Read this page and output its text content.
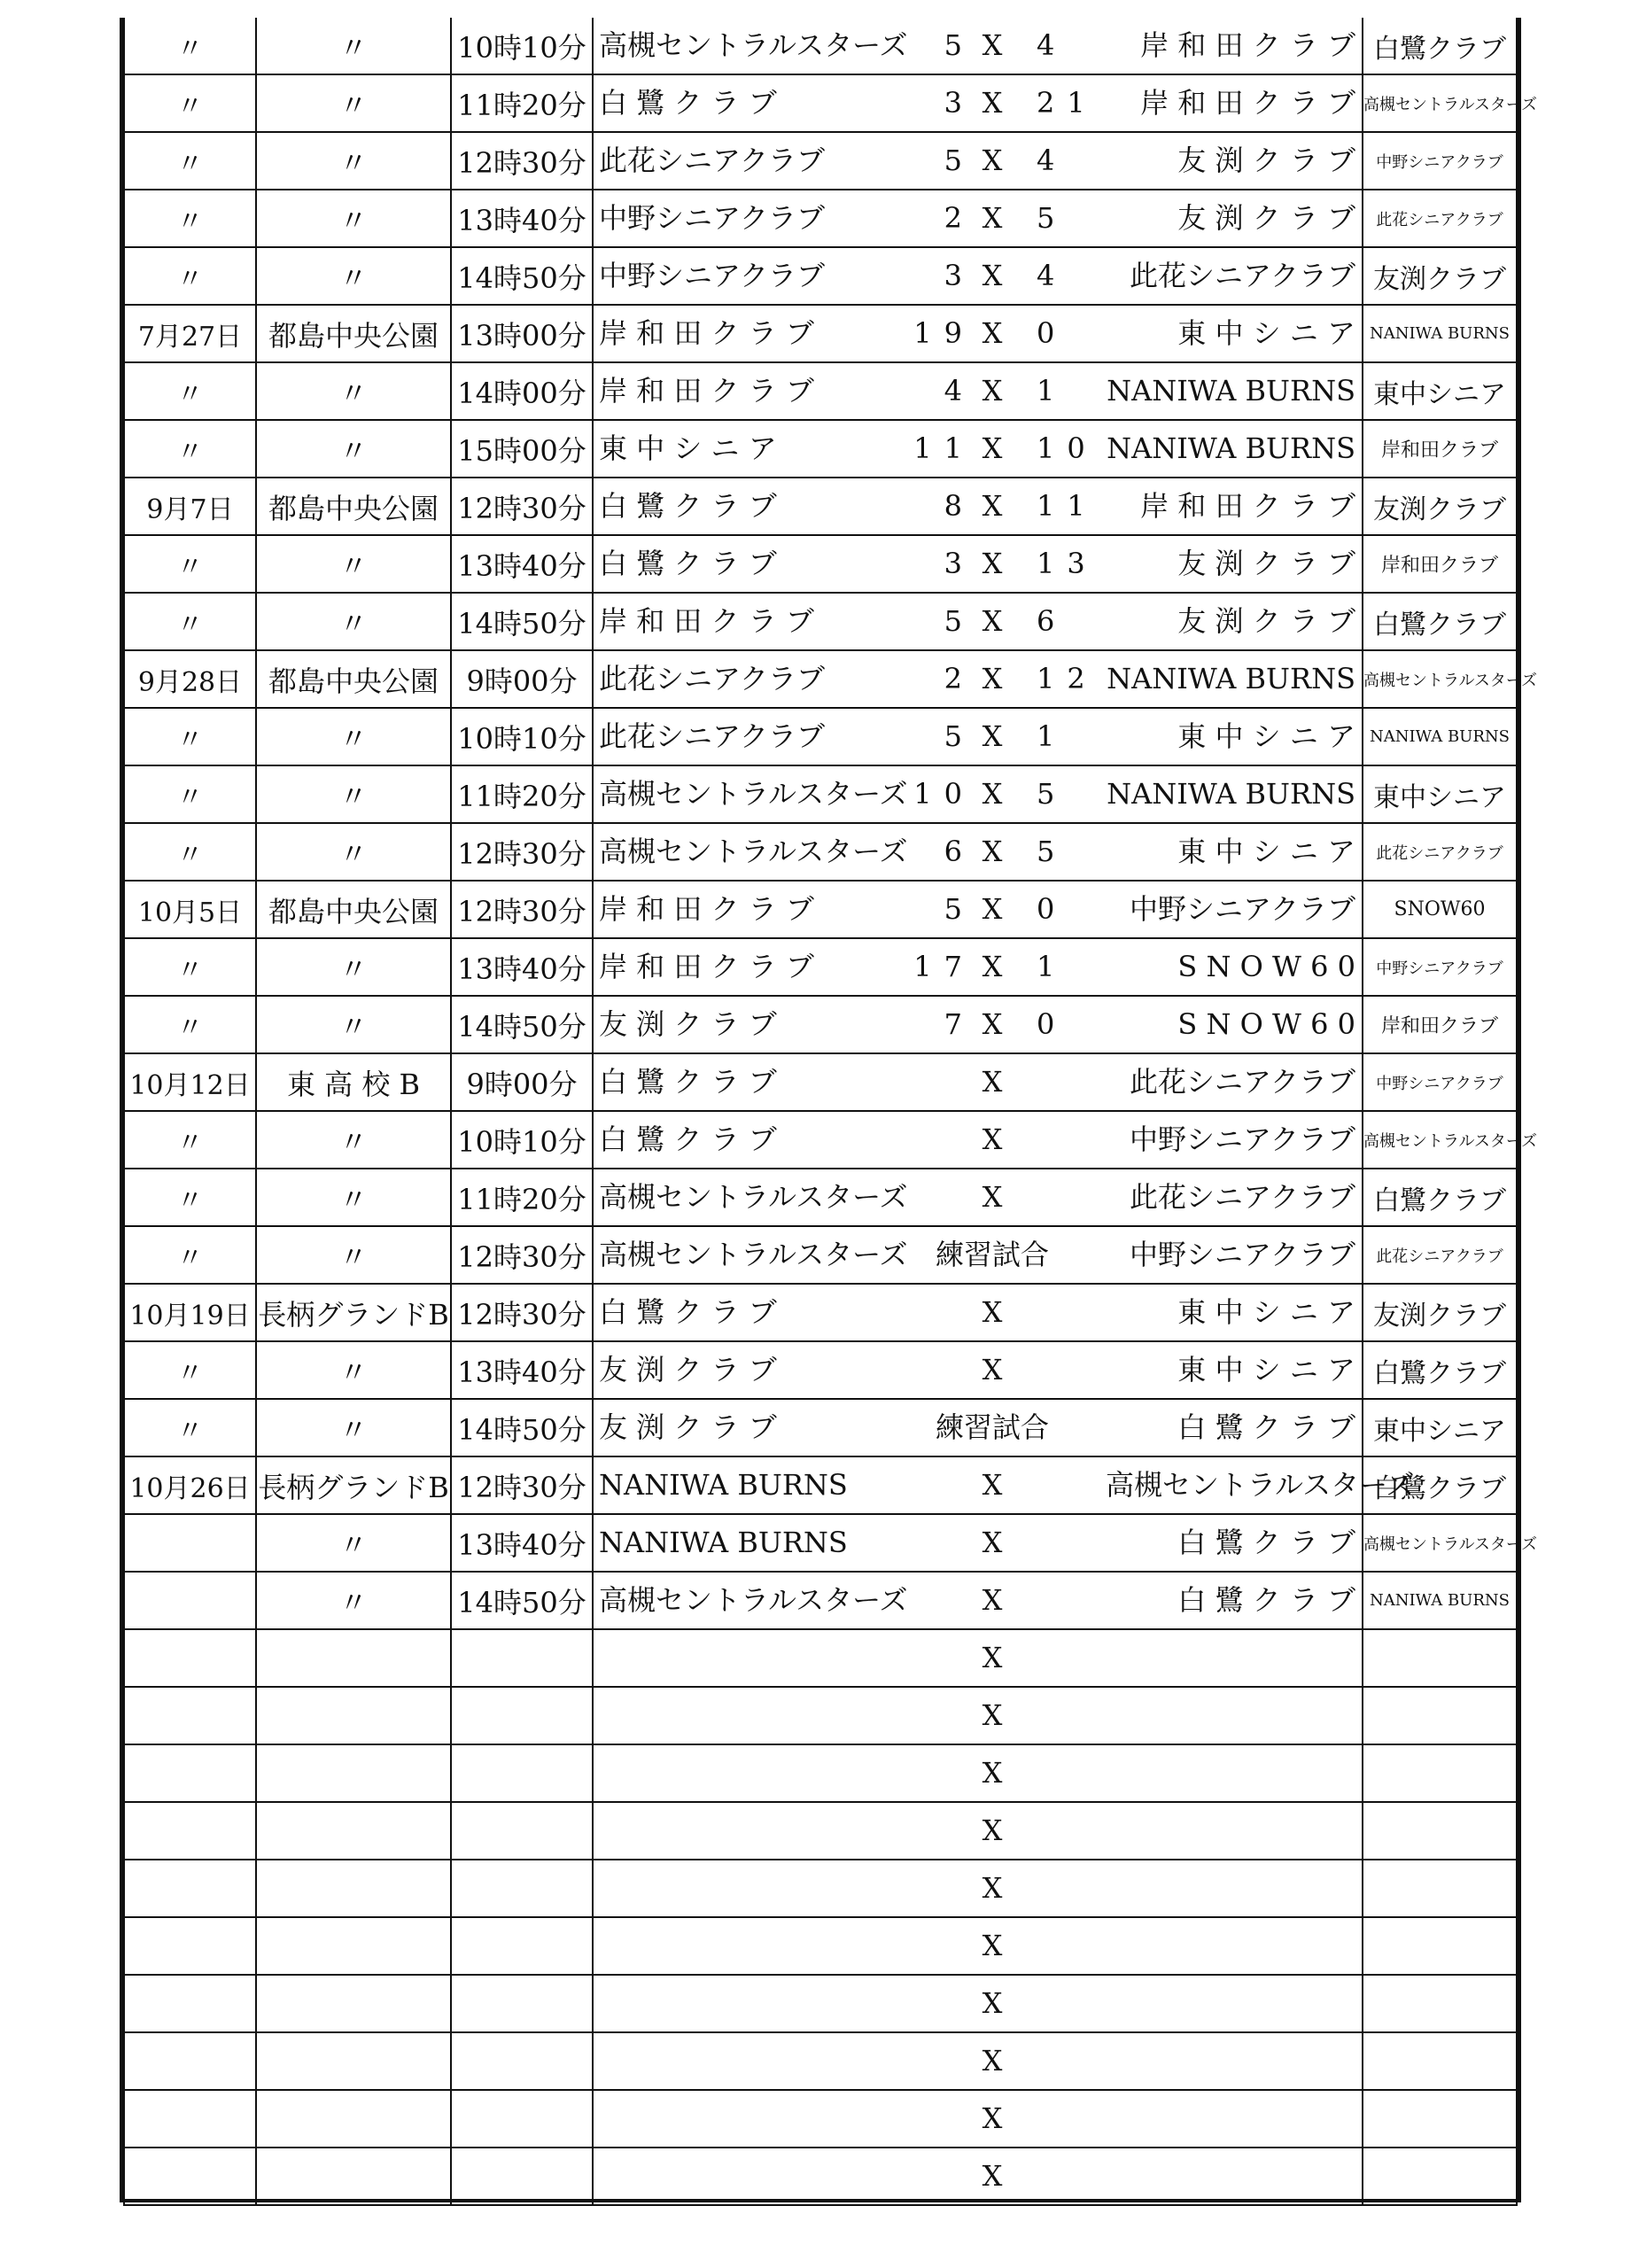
〃	〃	10時10分	高槻セントラルスターズ 5 X 4 岸 和 田 ク ラ ブ	白鷺クラブ
〃	〃	11時20分	白 鷺 ク ラ ブ 3 X 21 岸 和 田 ク ラ ブ	高槻セントラルスターズ
〃	〃	12時30分	此花シニアクラブ 5 X 4 友 渕 ク ラ ブ	中野シニアクラブ
〃	〃	13時40分	中野シニアクラブ 2 X 5 友 渕 ク ラ ブ	此花シニアクラブ
〃	〃	14時50分	中野シニアクラブ 3 X 4 此花シニアクラブ	友渕クラブ
7月27日	都島中央公園	13時00分	岸 和 田 ク ラ ブ 19 X 0 東 中 シ ニ ア	NANIWA BURNS
〃	〃	14時00分	岸 和 田 ク ラ ブ 4 X 1 NANIWA BURNS	東中シニア
〃	〃	15時00分	東 中 シ ニ ア 11 X 10 NANIWA BURNS	岸和田クラブ
9月7日	都島中央公園	12時30分	白 鷺 ク ラ ブ 8 X 11 岸 和 田 ク ラ ブ	友渕クラブ
〃	〃	13時40分	白 鷺 ク ラ ブ 3 X 13 友 渕 ク ラ ブ	岸和田クラブ
〃	〃	14時50分	岸 和 田 ク ラ ブ 5 X 6 友 渕 ク ラ ブ	白鷺クラブ
9月28日	都島中央公園	9時00分	此花シニアクラブ 2 X 12 NANIWA BURNS	高槻セントラルスターズ
〃	〃	10時10分	此花シニアクラブ 5 X 1 東 中 シ ニ ア	NANIWA BURNS
〃	〃	11時20分	高槻セントラルスターズ 10 X 5 NANIWA BURNS	東中シニア
〃	〃	12時30分	高槻セントラルスターズ 6 X 5 東 中 シ ニ ア	此花シニアクラブ
10月5日	都島中央公園	12時30分	岸 和 田 ク ラ ブ 5 X 0 中野シニアクラブ	SNOW60
〃	〃	13時40分	岸 和 田 ク ラ ブ 17 X 1 S N O W 6 0	中野シニアクラブ
〃	〃	14時50分	友 渕 ク ラ ブ 7 X 0 S N O W 6 0	岸和田クラブ
10月12日	東 高 校 B	9時00分	白 鷺 ク ラ ブ X 此花シニアクラブ	中野シニアクラブ
〃	〃	10時10分	白 鷺 ク ラ ブ X 中野シニアクラブ	高槻セントラルスターズ
〃	〃	11時20分	高槻セントラルスターズ X 此花シニアクラブ	白鷺クラブ
〃	〃	12時30分	高槻セントラルスターズ 練習試合 中野シニアクラブ	此花シニアクラブ
10月19日	長柄グランドB	12時30分	白 鷺 ク ラ ブ X 東 中 シ ニ ア	友渕クラブ
〃	〃	13時40分	友 渕 ク ラ ブ X 東 中 シ ニ ア	白鷺クラブ
〃	〃	14時50分	友 渕 ク ラ ブ 練習試合 白 鷺 ク ラ ブ	東中シニア
10月26日	長柄グランドB	12時30分	NANIWA BURNS X 高槻セントラルスターズ	白鷺クラブ
	〃	13時40分	NANIWA BURNS X 白 鷺 ク ラ ブ	高槻セントラルスターズ
	〃	14時50分	高槻セントラルスターズ X 白 鷺 ク ラ ブ	NANIWA BURNS

			X	

			X	

			X	

			X	

			X	

			X	

			X	

			X	

			X	

			X	
